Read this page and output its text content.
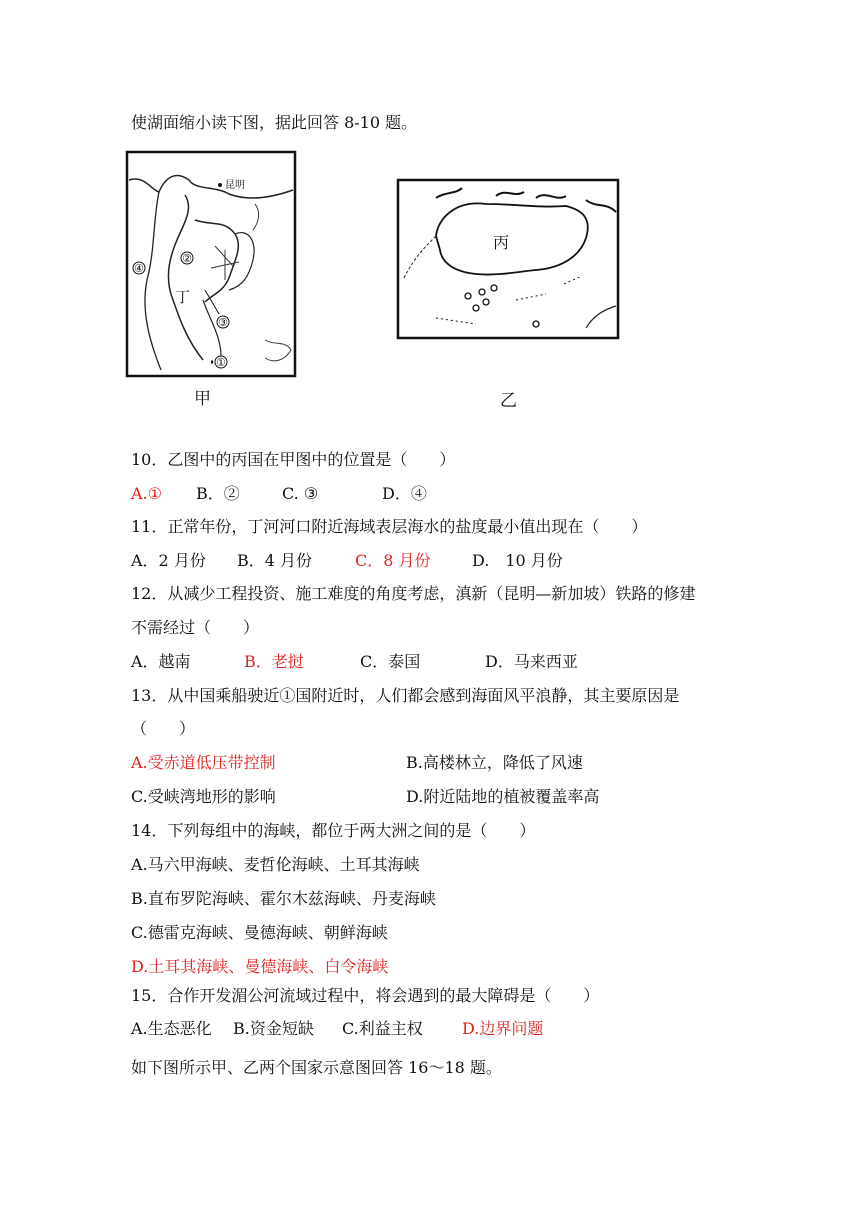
使湖面缩小读下图，据此回答 8-10 题。
昆明
④
②
丁
③
①
甲
丙
乙
10．乙图中的丙国在甲图中的位置是（　　）
A.① B．②	C. ③	D．④
11．正常年份，丁河河口附近海域表层海水的盐度最小值出现在（　　）
A．2 月份 B．4 月份	C．8 月份	D.　10 月份
12．从减少工程投资、施工难度的角度考虑，滇新（昆明—新加坡）铁路的修建
不需经过（　　）
A．越南	B．老挝	C．泰国	D．马来西亚
13．从中国乘船驶近①国附近时，人们都会感到海面风平浪静，其主要原因是
（　　）
A.受赤道低压带控制	B.高楼林立，降低了风速
C.受峡湾地形的影响	D.附近陆地的植被覆盖率高
14．下列每组中的海峡，都位于两大洲之间的是（　　）
A.马六甲海峡、麦哲伦海峡、土耳其海峡
B.直布罗陀海峡、霍尔木兹海峡、丹麦海峡
C.德雷克海峡、曼德海峡、朝鲜海峡
D.土耳其海峡、曼德海峡、白令海峡
15．合作开发湄公河流域过程中，将会遇到的最大障碍是（　　）
A.生态恶化 B.资金短缺 C.利益主权 D.边界问题
如下图所示甲、乙两个国家示意图回答 16～18 题。
